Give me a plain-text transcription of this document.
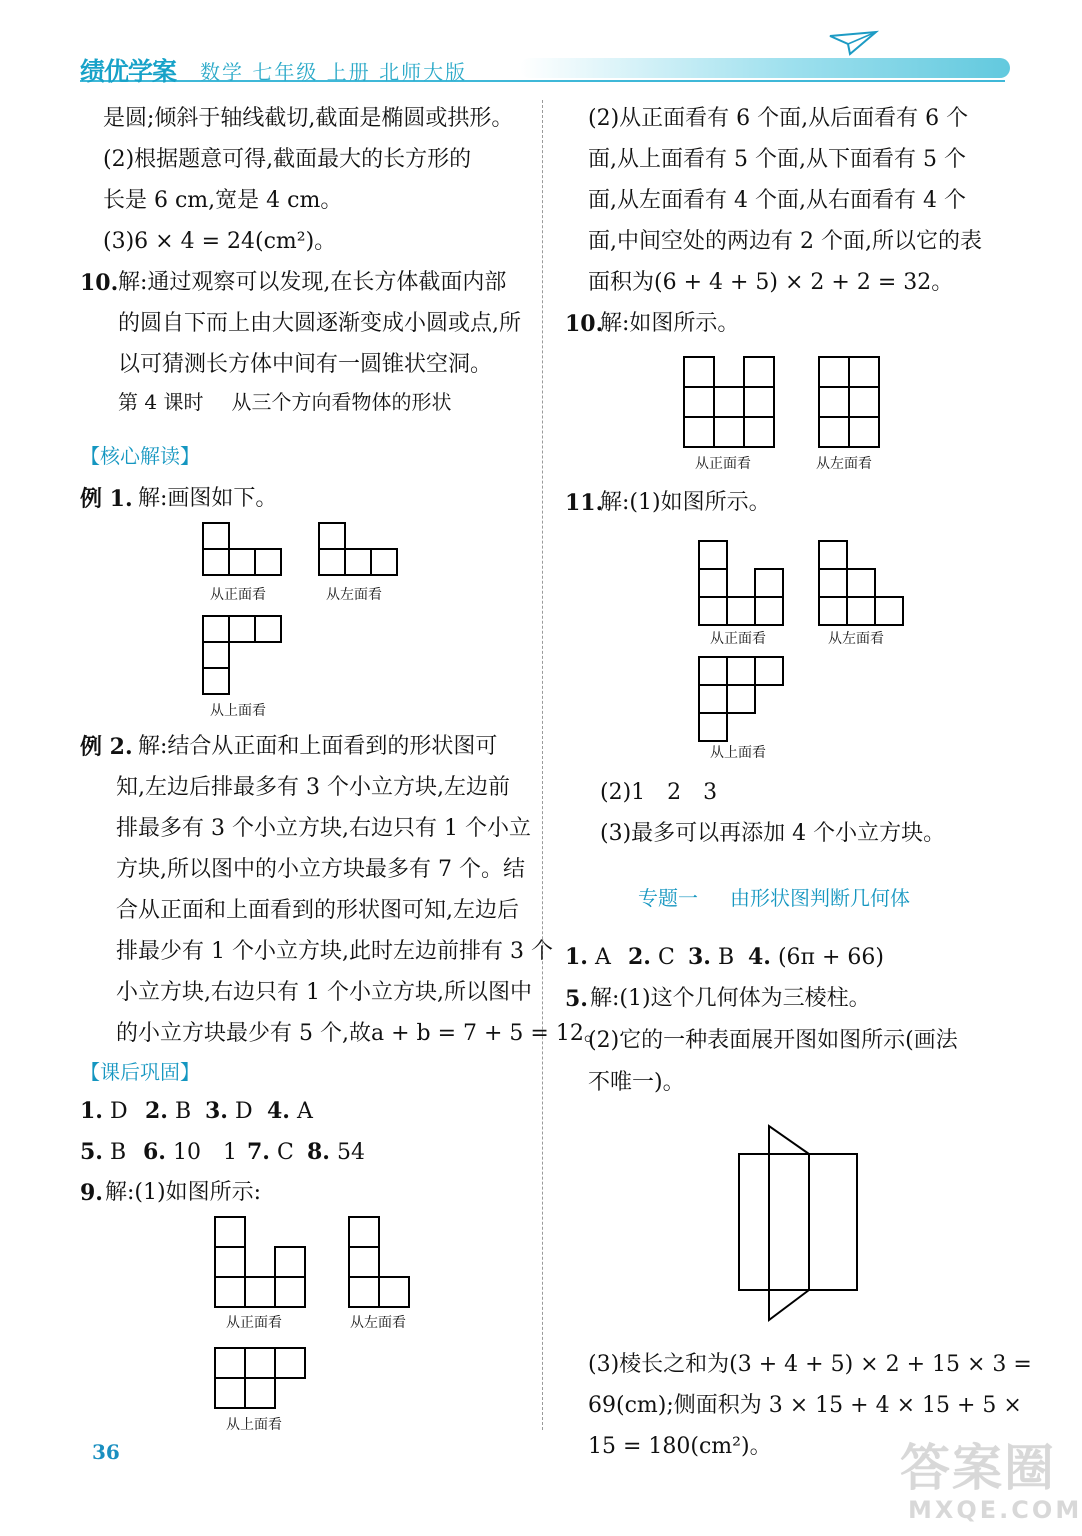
绩优学案 数学 七年级 上册 北师大版
是圆;倾斜于轴线截切,截面是椭圆或拱形。
(2)根据题意可得,截面最大的长方形的
长是 6 cm,宽是 4 cm。
(3)6 × 4 = 24(cm²)。
10. 解:通过观察可以发现,在长方体截面内部
的圆自下而上由大圆逐渐变成小圆或点,所
以可猜测长方体中间有一圆锥状空洞。
第 4 课时 从三个方向看物体的形状
【核心解读】
例 1. 解:画图如下。
从正面看	从左面看
从上面看
例 2. 解:结合从正面和上面看到的形状图可
知,左边后排最多有 3 个小立方块,左边前
排最多有 3 个小立方块,右边只有 1 个小立
方块,所以图中的小立方块最多有 7 个。结
合从正面和上面看到的形状图可知,左边后
排最少有 1 个小立方块,此时左边前排有 3 个
小立方块,右边只有 1 个小立方块,所以图中
的小立方块最少有 5 个,故a + b = 7 + 5 = 12。
【课后巩固】
1. D 2. B 3. D 4. A
5. B 6. 10　1 7. C 8. 54
9. 解:(1)如图所示:
从正面看	从左面看
从上面看
(2)从正面看有 6 个面,从后面看有 6 个
面,从上面看有 5 个面,从下面看有 5 个
面,从左面看有 4 个面,从右面看有 4 个
面,中间空处的两边有 2 个面,所以它的表
面积为(6 + 4 + 5) × 2 + 2 = 32。
10.
解:如图所示。
从正面看	从左面看
11.
解:(1)如图所示。
从正面看	从左面看
从上面看
(2)1　2　3
(3)最多可以再添加 4 个小立方块。
专题一 由形状图判断几何体
1. A 2. C 3. B 4. (6π + 66)
5. 解:(1)这个几何体为三棱柱。
(2)它的一种表面展开图如图所示(画法
不唯一)。
(3)棱长之和为(3 + 4 + 5) × 2 + 15 × 3 =
69(cm);侧面积为 3 × 15 + 4 × 15 + 5 ×
15 = 180(cm²)。
36	答案圈
MXQE.COM
